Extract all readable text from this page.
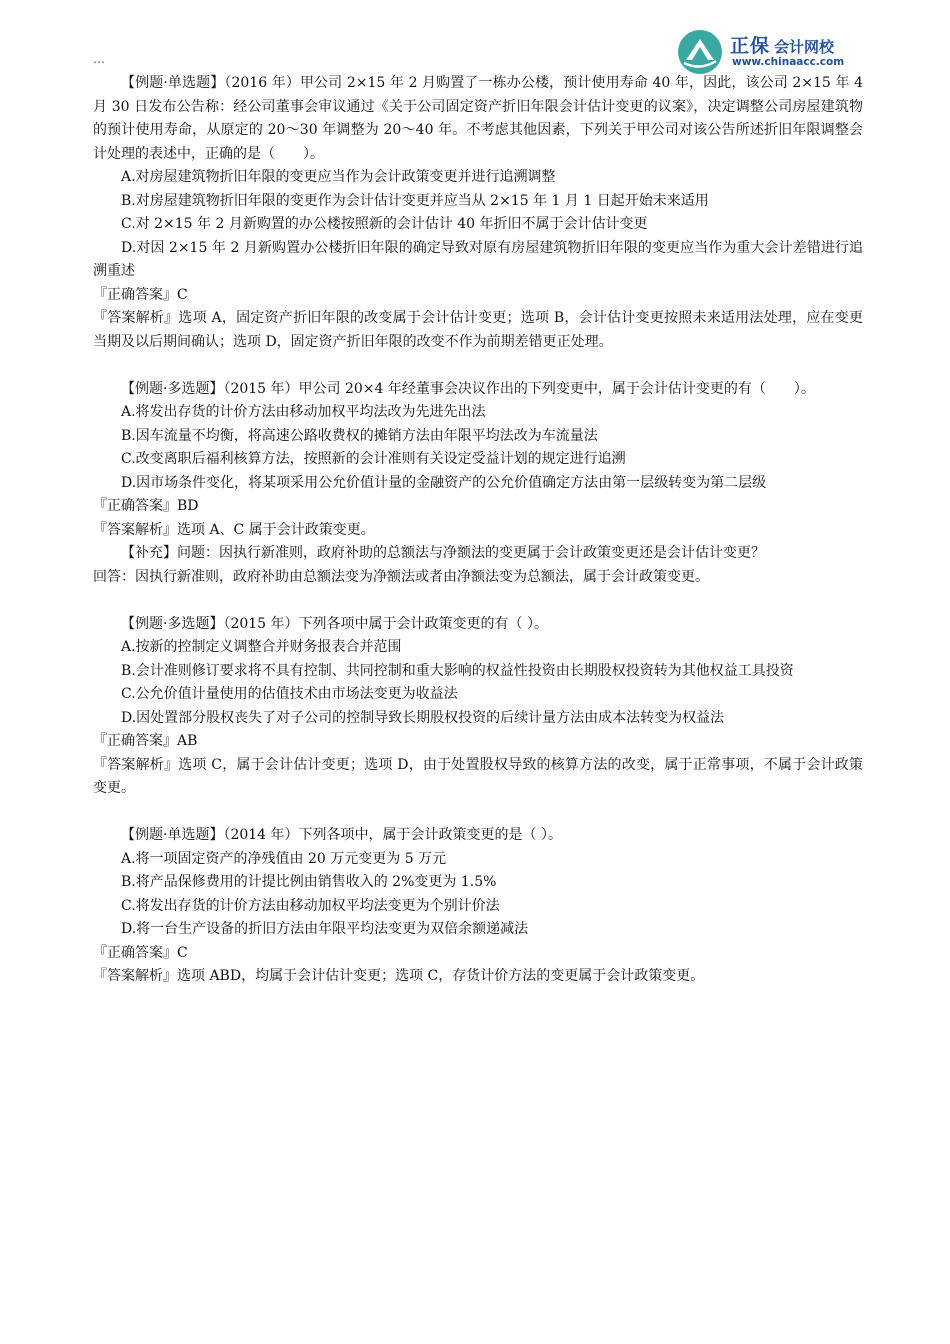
正保 会计网校
www.chinaacc.com
…

【例题·单选题】（2016 年）甲公司 2×15 年 2 月购置了一栋办公楼，预计使用寿命 40 年，因此，该公司 2×15 年 4 月 30 日发布公告称：经公司董事会审议通过《关于公司固定资产折旧年限会计估计变更的议案》，决定调整公司房屋建筑物的预计使用寿命，从原定的 20～30 年调整为 20～40 年。不考虑其他因素，下列关于甲公司对该公告所述折旧年限调整会计处理的表述中，正确的是（　　）。

A.对房屋建筑物折旧年限的变更应当作为会计政策变更并进行追溯调整

B.对房屋建筑物折旧年限的变更作为会计估计变更并应当从 2×15 年 1 月 1 日起开始未来适用

C.对 2×15 年 2 月新购置的办公楼按照新的会计估计 40 年折旧不属于会计估计变更

D.对因 2×15 年 2 月新购置办公楼折旧年限的确定导致对原有房屋建筑物折旧年限的变更应当作为重大会计差错进行追溯重述

『正确答案』C

『答案解析』选项 A，固定资产折旧年限的改变属于会计估计变更；选项 B，会计估计变更按照未来适用法处理，应在变更当期及以后期间确认；选项 D，固定资产折旧年限的改变不作为前期差错更正处理。

【例题·多选题】（2015 年）甲公司 20×4 年经董事会决议作出的下列变更中，属于会计估计变更的有（　　）。

A.将发出存货的计价方法由移动加权平均法改为先进先出法

B.因车流量不均衡，将高速公路收费权的摊销方法由年限平均法改为车流量法

C.改变离职后福利核算方法，按照新的会计准则有关设定受益计划的规定进行追溯

D.因市场条件变化，将某项采用公允价值计量的金融资产的公允价值确定方法由第一层级转变为第二层级

『正确答案』BD

『答案解析』选项 A、C 属于会计政策变更。

【补充】问题：因执行新准则，政府补助的总额法与净额法的变更属于会计政策变更还是会计估计变更？

回答：因执行新准则，政府补助由总额法变为净额法或者由净额法变为总额法，属于会计政策变更。

【例题·多选题】（2015 年）下列各项中属于会计政策变更的有（ ）。

A.按新的控制定义调整合并财务报表合并范围

B.会计准则修订要求将不具有控制、共同控制和重大影响的权益性投资由长期股权投资转为其他权益工具投资

C.公允价值计量使用的估值技术由市场法变更为收益法

D.因处置部分股权丧失了对子公司的控制导致长期股权投资的后续计量方法由成本法转变为权益法

『正确答案』AB

『答案解析』选项 C，属于会计估计变更；选项 D，由于处置股权导致的核算方法的改变，属于正常事项，不属于会计政策变更。

【例题·单选题】（2014 年）下列各项中，属于会计政策变更的是（ ）。

A.将一项固定资产的净残值由 20 万元变更为 5 万元

B.将产品保修费用的计提比例由销售收入的 2%变更为 1.5%

C.将发出存货的计价方法由移动加权平均法变更为个别计价法

D.将一台生产设备的折旧方法由年限平均法变更为双倍余额递减法

『正确答案』C

『答案解析』选项 ABD，均属于会计估计变更；选项 C，存货计价方法的变更属于会计政策变更。
